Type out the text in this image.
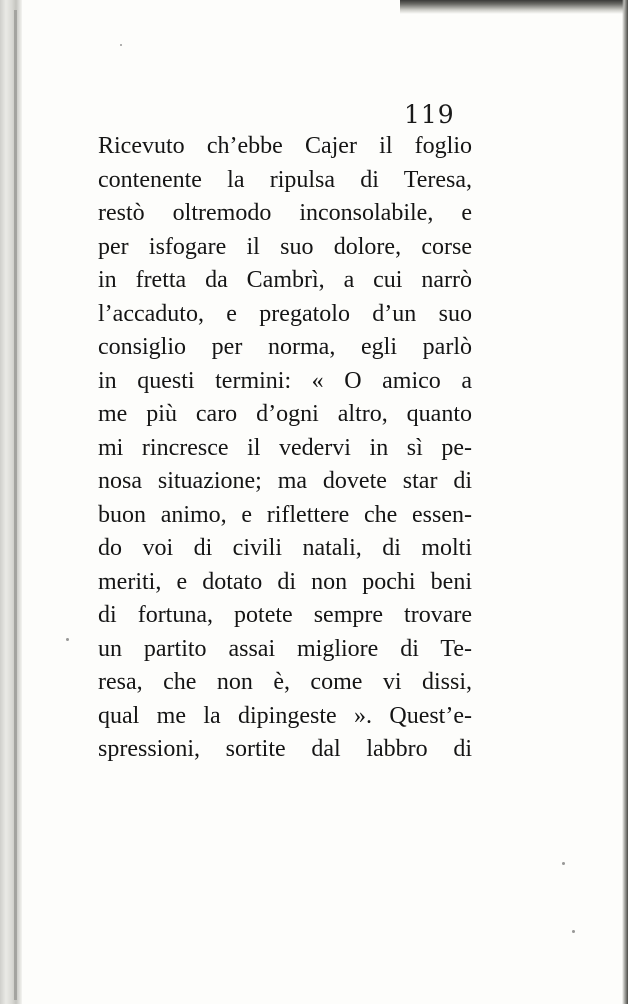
119
Ricevuto ch’ebbe Cajer il foglio
contenente la ripulsa di Teresa,
restò oltremodo inconsolabile, e
per isfogare il suo dolore, corse
in fretta da Cambrì, a cui narrò
l’accaduto, e pregatolo d’un suo
consiglio per norma, egli parlò
in questi termini: « O amico a
me più caro d’ogni altro, quanto
mi rincresce il vedervi in sì pe-
nosa situazione; ma dovete star di
buon animo, e riflettere che essen-
do voi di civili natali, di molti
meriti, e dotato di non pochi beni
di fortuna, potete sempre trovare
un partito assai migliore di Te-
resa, che non è, come vi dissi,
qual me la dipingeste ». Quest’e-
spressioni, sortite dal labbro di
